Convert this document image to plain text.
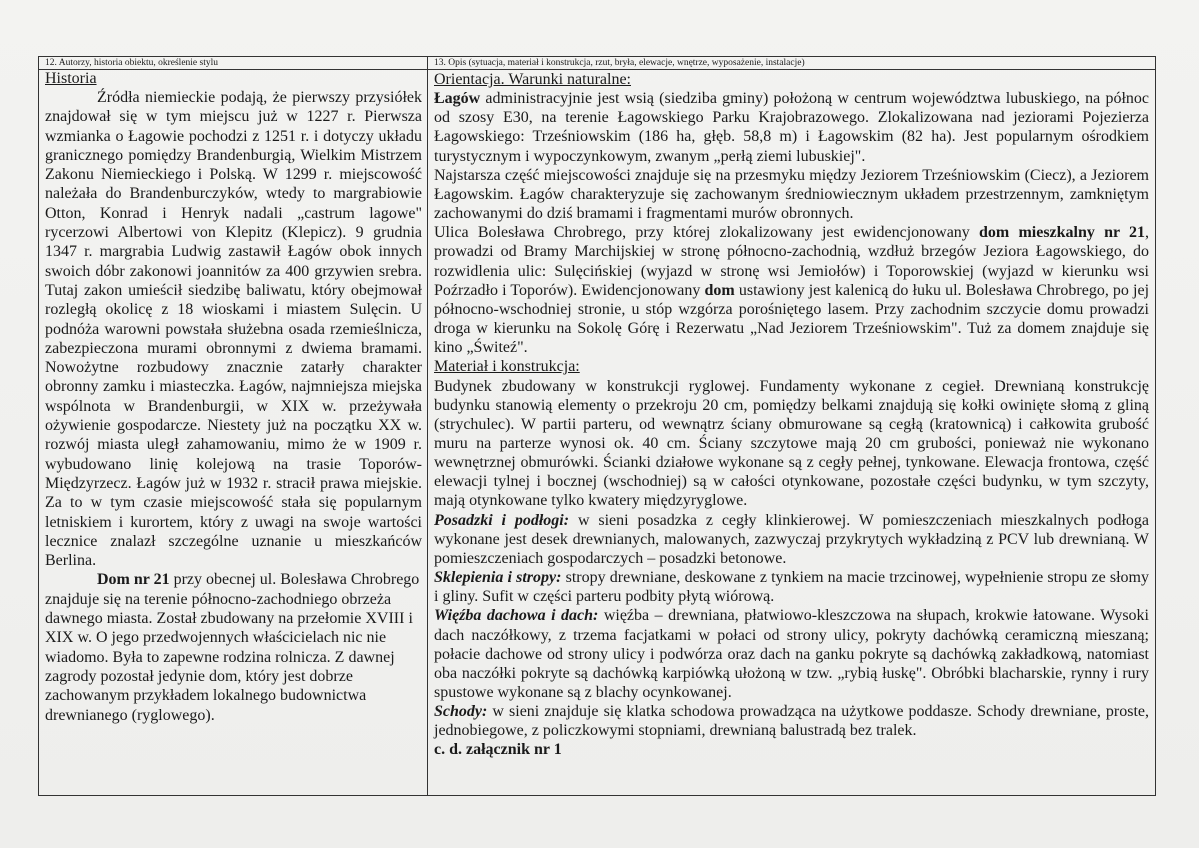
12. Autorzy, historia obiektu, określenie stylu
Historia

Źródła niemieckie podają, że pierwszy przysiółek znajdował się w tym miejscu już w 1227 r. Pierwsza wzmianka o Łagowie pochodzi z 1251 r. i dotyczy układu granicznego pomiędzy Brandenburgią, Wielkim Mistrzem Zakonu Niemieckiego i Polską. W 1299 r. miejscowość należała do Brandenburczyków, wtedy to margrabiowie Otton, Konrad i Henryk nadali „castrum lagowe" rycerzowi Albertowi von Klepitz (Klepicz). 9 grudnia 1347 r. margrabia Ludwig zastawił Łagów obok innych swoich dóbr zakonowi joannitów za 400 grzywien srebra. Tutaj zakon umieścił siedzibę baliwatu, który obejmował rozległą okolicę z 18 wioskami i miastem Sulęcin. U podnóża warowni powstała służebna osada rzemieślnicza, zabezpieczona murami obronnymi z dwiema bramami. Nowożytne rozbudowy znacznie zatarły charakter obronny zamku i miasteczka. Łagów, najmniejsza miejska wspólnota w Brandenburgii, w XIX w. przeżywała ożywienie gospodarcze. Niestety już na początku XX w. rozwój miasta uległ zahamowaniu, mimo że w 1909 r. wybudowano linię kolejową na trasie Toporów-Międzyrzecz. Łagów już w 1932 r. stracił prawa miejskie. Za to w tym czasie miejscowość stała się popularnym letniskiem i kurortem, który z uwagi na swoje wartości lecznice znalazł szczególne uznanie u mieszkańców Berlina.

Dom nr 21 przy obecnej ul. Bolesława Chrobrego znajduje się na terenie północno-zachodniego obrzeża dawnego miasta. Został zbudowany na przełomie XVIII i XIX w. O jego przedwojennych właścicielach nic nie wiadomo. Była to zapewne rodzina rolnicza. Z dawnej zagrody pozostał jedynie dom, który jest dobrze zachowanym przykładem lokalnego budownictwa drewnianego (ryglowego).

13. Opis (sytuacja, materiał i konstrukcja, rzut, bryła, elewacje, wnętrze, wyposażenie, instalacje)
Orientacja. Warunki naturalne:

Łagów administracyjnie jest wsią (siedziba gminy) położoną w centrum województwa lubuskiego, na północ od szosy E30, na terenie Łagowskiego Parku Krajobrazowego. Zlokalizowana nad jeziorami Pojezierza Łagowskiego: Trześniowskim (186 ha, głęb. 58,8 m) i Łagowskim (82 ha). Jest popularnym ośrodkiem turystycznym i wypoczynkowym, zwanym „perłą ziemi lubuskiej".

Najstarsza część miejscowości znajduje się na przesmyku między Jeziorem Trześniowskim (Ciecz), a Jeziorem Łagowskim. Łagów charakteryzuje się zachowanym średniowiecznym układem przestrzennym, zamkniętym zachowanymi do dziś bramami i fragmentami murów obronnych.

Ulica Bolesława Chrobrego, przy której zlokalizowany jest ewidencjonowany dom mieszkalny nr 21, prowadzi od Bramy Marchijskiej w stronę północno-zachodnią, wzdłuż brzegów Jeziora Łagowskiego, do rozwidlenia ulic: Sulęcińskiej (wyjazd w stronę wsi Jemiołów) i Toporowskiej (wyjazd w kierunku wsi Poźrzadło i Toporów). Ewidencjonowany dom ustawiony jest kalenicą do łuku ul. Bolesława Chrobrego, po jej północno-wschodniej stronie, u stóp wzgórza porośniętego lasem. Przy zachodnim szczycie domu prowadzi droga w kierunku na Sokolę Górę i Rezerwatu „Nad Jeziorem Trześniowskim". Tuż za domem znajduje się kino „Świteź".

Materiał i konstrukcja:

Budynek zbudowany w konstrukcji ryglowej. Fundamenty wykonane z cegieł. Drewnianą konstrukcję budynku stanowią elementy o przekroju 20 cm, pomiędzy belkami znajdują się kołki owinięte słomą z gliną (strychulec). W partii parteru, od wewnątrz ściany obmurowane są cegłą (kratownicą) i całkowita grubość muru na parterze wynosi ok. 40 cm. Ściany szczytowe mają 20 cm grubości, ponieważ nie wykonano wewnętrznej obmurówki. Ścianki działowe wykonane są z cegły pełnej, tynkowane. Elewacja frontowa, część elewacji tylnej i bocznej (wschodniej) są w całości otynkowane, pozostałe części budynku, w tym szczyty, mają otynkowane tylko kwatery międzyryglowe.

Posadzki i podłogi: w sieni posadzka z cegły klinkierowej. W pomieszczeniach mieszkalnych podłoga wykonane jest desek drewnianych, malowanych, zazwyczaj przykrytych wykładziną z PCV lub drewnianą. W pomieszczeniach gospodarczych – posadzki betonowe.

Sklepienia i stropy: stropy drewniane, deskowane z tynkiem na macie trzcinowej, wypełnienie stropu ze słomy i gliny. Sufit w części parteru podbity płytą wiórową.

Więźba dachowa i dach: więźba – drewniana, płatwiowo-kleszczowa na słupach, krokwie łatowane. Wysoki dach naczółkowy, z trzema facjatkami w połaci od strony ulicy, pokryty dachówką ceramiczną mieszaną; połacie dachowe od strony ulicy i podwórza oraz dach na ganku pokryte są dachówką zakładkową, natomiast oba naczółki pokryte są dachówką karpiówką ułożoną w tzw. „rybią łuskę". Obróbki blacharskie, rynny i rury spustowe wykonane są z blachy ocynkowanej.

Schody: w sieni znajduje się klatka schodowa prowadząca na użytkowe poddasze. Schody drewniane, proste, jednobiegowe, z policzkowymi stopniami, drewnianą balustradą bez tralek.

c. d. załącznik nr 1
